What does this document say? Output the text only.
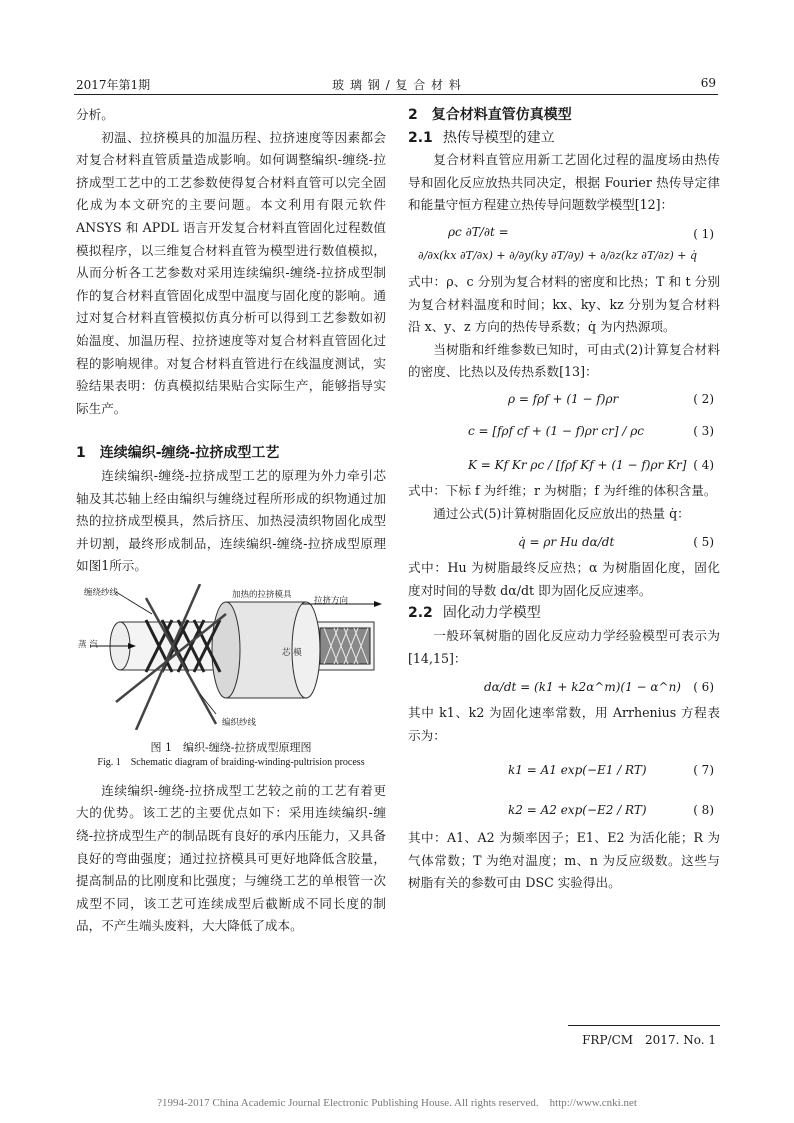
2017年第1期	玻 璃 钢 / 复 合 材 料	69

分析。

初温、拉挤模具的加温历程、拉挤速度等因素都会对复合材料直管质量造成影响。如何调整编织-缠绕-拉挤成型工艺中的工艺参数使得复合材料直管可以完全固化成为本文研究的主要问题。本文利用有限元软件 ANSYS 和 APDL 语言开发复合材料直管固化过程数值模拟程序，以三维复合材料直管为模型进行数值模拟，从而分析各工艺参数对采用连续编织-缠绕-拉挤成型制作的复合材料直管固化成型中温度与固化度的影响。通过对复合材料直管模拟仿真分析可以得到工艺参数如初始温度、加温历程、拉挤速度等对复合材料直管固化过程的影响规律。对复合材料直管进行在线温度测试，实验结果表明：仿真模拟结果贴合实际生产，能够指导实际生产。

1 连续编织-缠绕-拉挤成型工艺

连续编织-缠绕-拉挤成型工艺的原理为外力牵引芯轴及其芯轴上经由编织与缠绕过程所形成的织物通过加热的拉挤成型模具，然后挤压、加热浸渍织物固化成型并切割，最终形成制品，连续编织-缠绕-拉挤成型原理如图1所示。

缠绕纱线	加热的拉挤模具
拉挤方向
蒸 汽
芯 模
编织纱线
图 1　编织-缠绕-拉挤成型原理图
Fig. 1　Schematic diagram of braiding-winding-pultrision process

连续编织-缠绕-拉挤成型工艺较之前的工艺有着更大的优势。该工艺的主要优点如下：采用连续编织-缠绕-拉挤成型生产的制品既有良好的承内压能力，又具备良好的弯曲强度；通过拉挤模具可更好地降低含胶量，提高制品的比刚度和比强度；与缠绕工艺的单根管一次成型不同，该工艺可连续成型后截断成不同长度的制品，不产生端头废料，大大降低了成本。

2 复合材料直管仿真模型

2.1 热传导模型的建立

复合材料直管应用新工艺固化过程的温度场由热传导和固化反应放热共同决定，根据 Fourier 热传导定律和能量守恒方程建立热传导问题数学模型[12]：

ρc ∂T/∂t =
∂/∂x(kx ∂T/∂x) + ∂/∂y(ky ∂T/∂y) + ∂/∂z(kz ∂T/∂z) + q̇
( 1)

式中：ρ、c 分别为复合材料的密度和比热；T 和 t 分别为复合材料温度和时间；kx、ky、kz 分别为复合材料沿 x、y、z 方向的热传导系数；q̇ 为内热源项。

当树脂和纤维参数已知时，可由式(2)计算复合材料的密度、比热以及传热系数[13]：

ρ = fρf + (1 − f)ρr	( 2)
c = [fρf cf + (1 − f)ρr cr] / ρc	( 3)
K = Kf Kr ρc / [fρf Kf + (1 − f)ρr Kr] ( 4)

式中：下标 f 为纤维；r 为树脂；f 为纤维的体积含量。

通过公式(5)计算树脂固化反应放出的热量 q̇：

q̇ = ρr Hu dα/dt	( 5)

式中：Hu 为树脂最终反应热；α 为树脂固化度，固化度对时间的导数 dα/dt 即为固化反应速率。

2.2 固化动力学模型

一般环氧树脂的固化反应动力学经验模型可表示为[14,15]：

dα/dt = (k1 + k2α^m)(1 − α^n) ( 6)

其中 k1、k2 为固化速率常数，用 Arrhenius 方程表示为：

k1 = A1 exp(−E1 / RT)	( 7)
k2 = A2 exp(−E2 / RT)	( 8)

其中：A1、A2 为频率因子；E1、E2 为活化能；R 为气体常数；T 为绝对温度；m、n 为反应级数。这些与树脂有关的参数可由 DSC 实验得出。

FRP/CM　2017. No. 1
?1994-2017 China Academic Journal Electronic Publishing House. All rights reserved.　http://www.cnki.net
